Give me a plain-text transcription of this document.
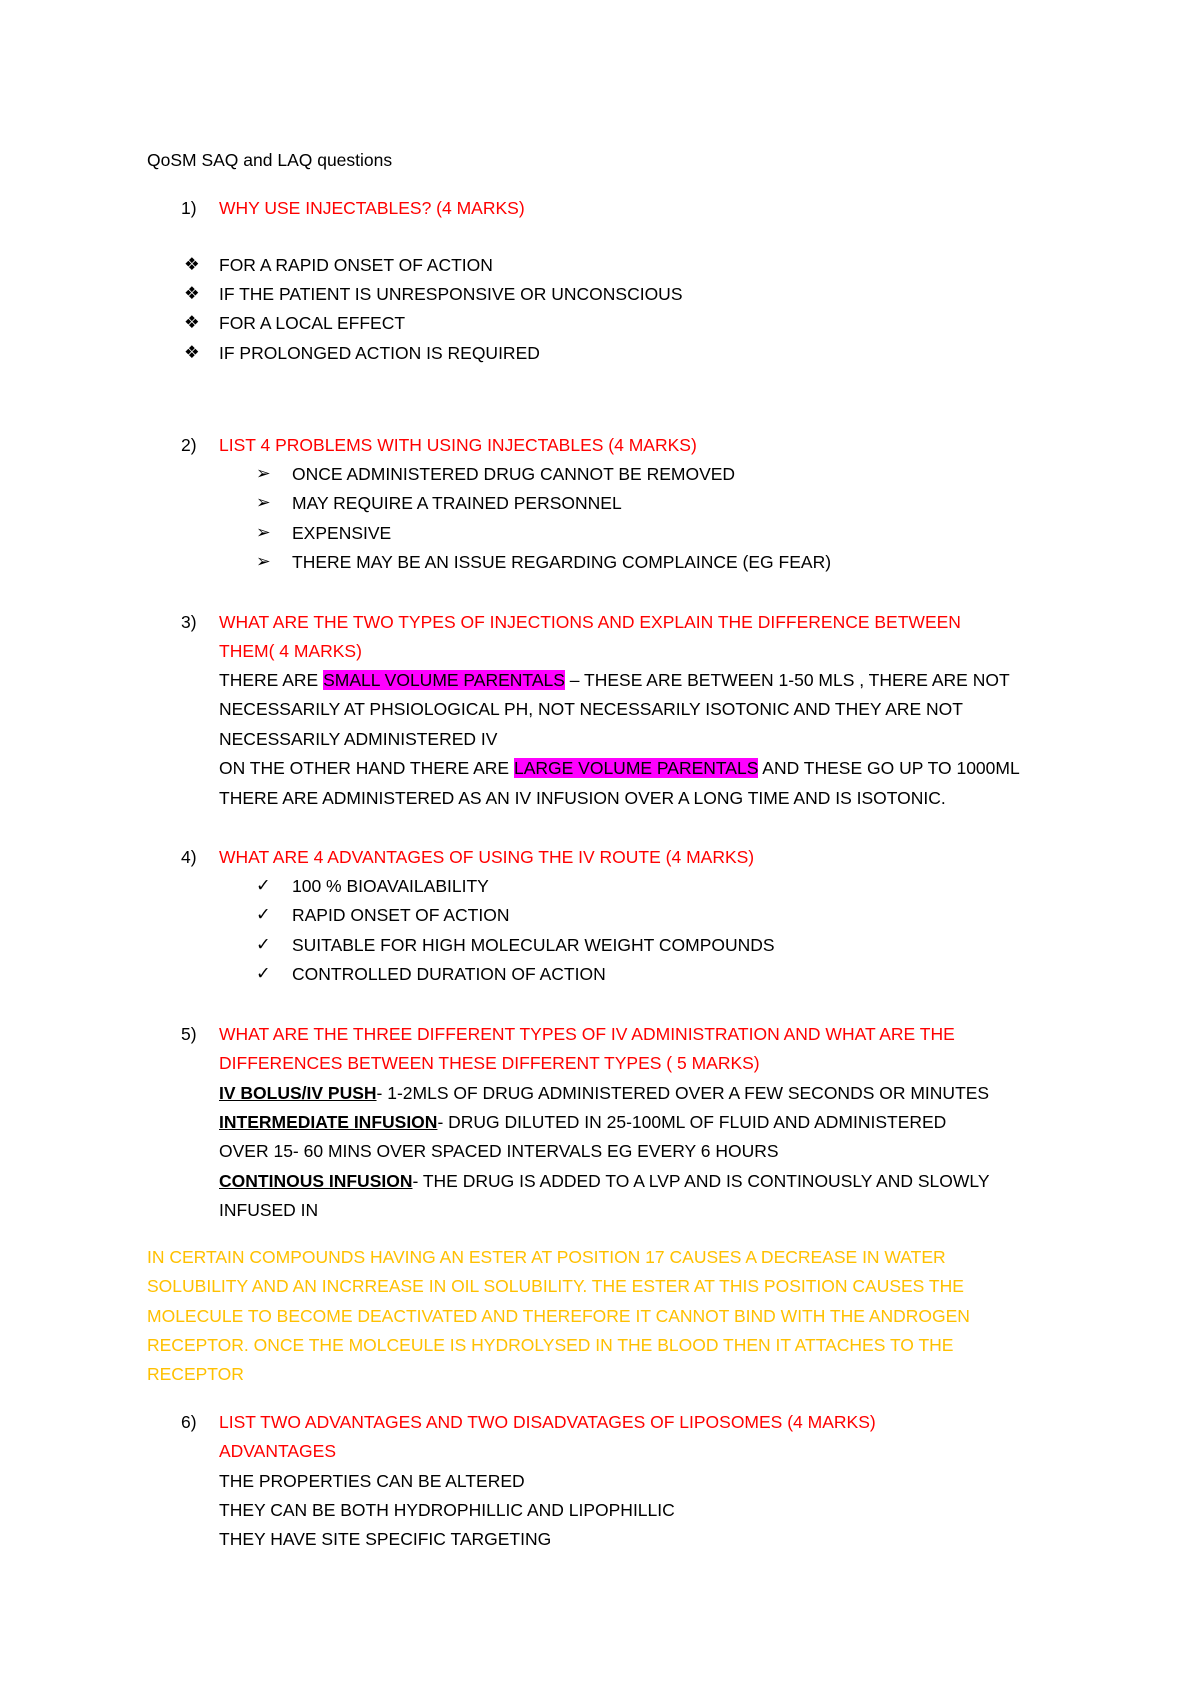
QoSM SAQ and LAQ questions
1) WHY USE INJECTABLES? (4 MARKS)
❖ FOR A RAPID ONSET OF ACTION
❖ IF THE PATIENT IS UNRESPONSIVE OR UNCONSCIOUS
❖ FOR A LOCAL EFFECT
❖ IF PROLONGED ACTION IS REQUIRED
2) LIST 4 PROBLEMS WITH USING INJECTABLES (4 MARKS)
➢ ONCE ADMINISTERED DRUG CANNOT BE REMOVED
➢ MAY REQUIRE A TRAINED PERSONNEL
➢ EXPENSIVE
➢ THERE MAY BE AN ISSUE REGARDING COMPLAINCE (EG FEAR)
3) WHAT ARE THE TWO TYPES OF INJECTIONS AND EXPLAIN THE DIFFERENCE BETWEEN
THEM( 4 MARKS)
THERE ARE SMALL VOLUME PARENTALS – THESE ARE BETWEEN 1-50 MLS , THERE ARE NOT
NECESSARILY AT PHSIOLOGICAL PH, NOT NECESSARILY ISOTONIC AND THEY ARE NOT
NECESSARILY ADMINISTERED IV
ON THE OTHER HAND THERE ARE LARGE VOLUME PARENTALS AND THESE GO UP TO 1000ML
THERE ARE ADMINISTERED AS AN IV INFUSION OVER A LONG TIME AND IS ISOTONIC.
4) WHAT ARE 4 ADVANTAGES OF USING THE IV ROUTE (4 MARKS)
✓ 100 % BIOAVAILABILITY
✓ RAPID ONSET OF ACTION
✓ SUITABLE FOR HIGH MOLECULAR WEIGHT COMPOUNDS
✓ CONTROLLED DURATION OF ACTION
5) WHAT ARE THE THREE DIFFERENT TYPES OF IV ADMINISTRATION AND WHAT ARE THE
DIFFERENCES BETWEEN THESE DIFFERENT TYPES ( 5 MARKS)
IV BOLUS/IV PUSH- 1-2MLS OF DRUG ADMINISTERED OVER A FEW SECONDS OR MINUTES
INTERMEDIATE INFUSION- DRUG DILUTED IN 25-100ML OF FLUID AND ADMINISTERED
OVER 15- 60 MINS OVER SPACED INTERVALS EG EVERY 6 HOURS
CONTINOUS INFUSION- THE DRUG IS ADDED TO A LVP AND IS CONTINOUSLY AND SLOWLY
INFUSED IN
IN CERTAIN COMPOUNDS HAVING AN ESTER AT POSITION 17 CAUSES A DECREASE IN WATER
SOLUBILITY AND AN INCRREASE IN OIL SOLUBILITY. THE ESTER AT THIS POSITION CAUSES THE
MOLECULE TO BECOME DEACTIVATED AND THEREFORE IT CANNOT BIND WITH THE ANDROGEN
RECEPTOR. ONCE THE MOLCEULE IS HYDROLYSED IN THE BLOOD THEN IT ATTACHES TO THE
RECEPTOR
6) LIST TWO ADVANTAGES AND TWO DISADVATAGES OF LIPOSOMES (4 MARKS)
ADVANTAGES
THE PROPERTIES CAN BE ALTERED
THEY CAN BE BOTH HYDROPHILLIC AND LIPOPHILLIC
THEY HAVE SITE SPECIFIC TARGETING
